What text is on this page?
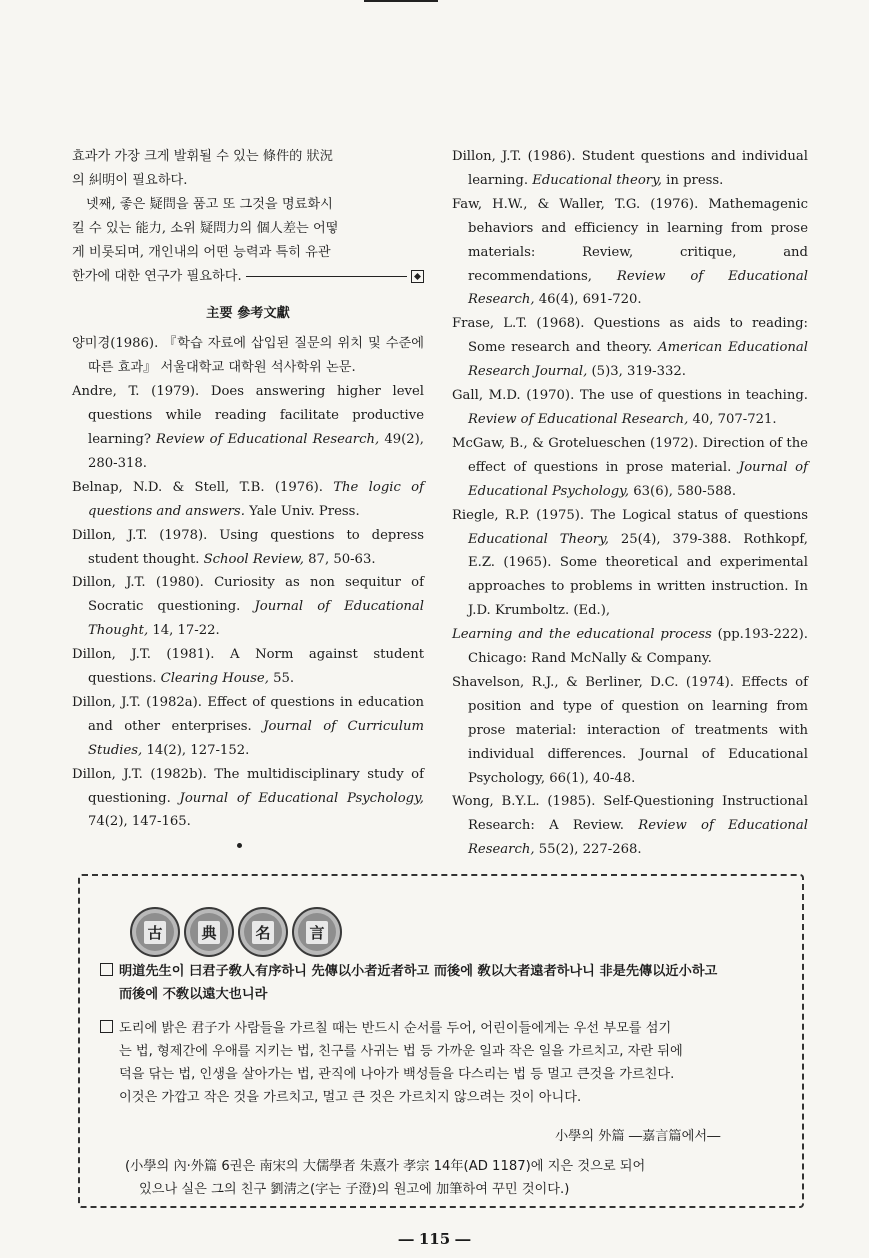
효과가 가장 크게 발휘될 수 있는 條件的 狀況

의 糾明이 필요하다.

넷째, 좋은 疑問을 품고 또 그것을 명료화시

킬 수 있는 能力, 소위 疑問力의 個人差는 어떻

게 비롯되며, 개인내의 어떤 능력과 특히 유관

한가에 대한 연구가 필요하다.
主要 參考文獻

양미경(1986). 『학습 자료에 삽입된 질문의 위치 및 수준에 따른 효과』 서울대학교 대학원 석사학위 논문.

Andre, T. (1979). Does answering higher level questions while reading facilitate productive learning? Review of Educational Research, 49(2), 280-318.

Belnap, N.D. & Stell, T.B. (1976). The logic of questions and answers. Yale Univ. Press.

Dillon, J.T. (1978). Using questions to depress student thought. School Review, 87, 50-63.

Dillon, J.T. (1980). Curiosity as non sequitur of Socratic questioning. Journal of Educational Thought, 14, 17-22.

Dillon, J.T. (1981). A Norm against student questions. Clearing House, 55.

Dillon, J.T. (1982a). Effect of questions in education and other enterprises. Journal of Curriculum Studies, 14(2), 127-152.

Dillon, J.T. (1982b). The multidisciplinary study of questioning. Journal of Educational Psychology, 74(2), 147-165.

Dillon, J.T. (1986). Student questions and individual learning. Educational theory, in press.

Faw, H.W., & Waller, T.G. (1976). Mathemagenic behaviors and efficiency in learning from prose materials: Review, critique, and recommendations, Review of Educational Research, 46(4), 691-720.

Frase, L.T. (1968). Questions as aids to reading: Some research and theory. American Educational Research Journal, (5)3, 319-332.

Gall, M.D. (1970). The use of questions in teaching. Review of Educational Research, 40, 707-721.

McGaw, B., & Grotelueschen (1972). Direction of the effect of questions in prose material. Journal of Educational Psychology, 63(6), 580-588.

Riegle, R.P. (1975). The Logical status of questions Educational Theory, 25(4), 379-388. Rothkopf, E.Z. (1965). Some theoretical and experimental approaches to problems in written instruction. In J.D. Krumboltz. (Ed.),

Learning and the educational process (pp.193-222). Chicago: Rand McNally & Company.

Shavelson, R.J., & Berliner, D.C. (1974). Effects of position and type of question on learning from prose material: interaction of treatments with individual differences. Journal of Educational Psychology, 66(1), 40-48.

Wong, B.Y.L. (1985). Self-Questioning Instructional Research: A Review. Review of Educational Research, 55(2), 227-268.

古	典	名	言
明道先生이 曰君子敎人有序하니 先傳以小者近者하고 而後에 敎以大者遠者하나니 非是先傳以近小하고
而後에 不敎以遠大也니라
도리에 밝은 君子가 사람들을 가르칠 때는 반드시 순서를 두어, 어린이들에게는 우선 부모를 섬기
는 법, 형제간에 우애를 지키는 법, 친구를 사귀는 법 등 가까운 일과 작은 일을 가르치고, 자란 뒤에
덕을 닦는 법, 인생을 살아가는 법, 관직에 나아가 백성들을 다스리는 법 등 멀고 큰것을 가르친다.
이것은 가깝고 작은 것을 가르치고, 멀고 큰 것은 가르치지 않으려는 것이 아니다.
小學의 外篇 ―嘉言篇에서―
(小學의 內·外篇 6권은 南宋의 大儒學者 朱熹가 孝宗 14年(AD 1187)에 지은 것으로 되어
있으나 실은 그의 친구 劉淸之(字는 子澄)의 원고에 加筆하여 꾸민 것이다.)
― 115 ―
